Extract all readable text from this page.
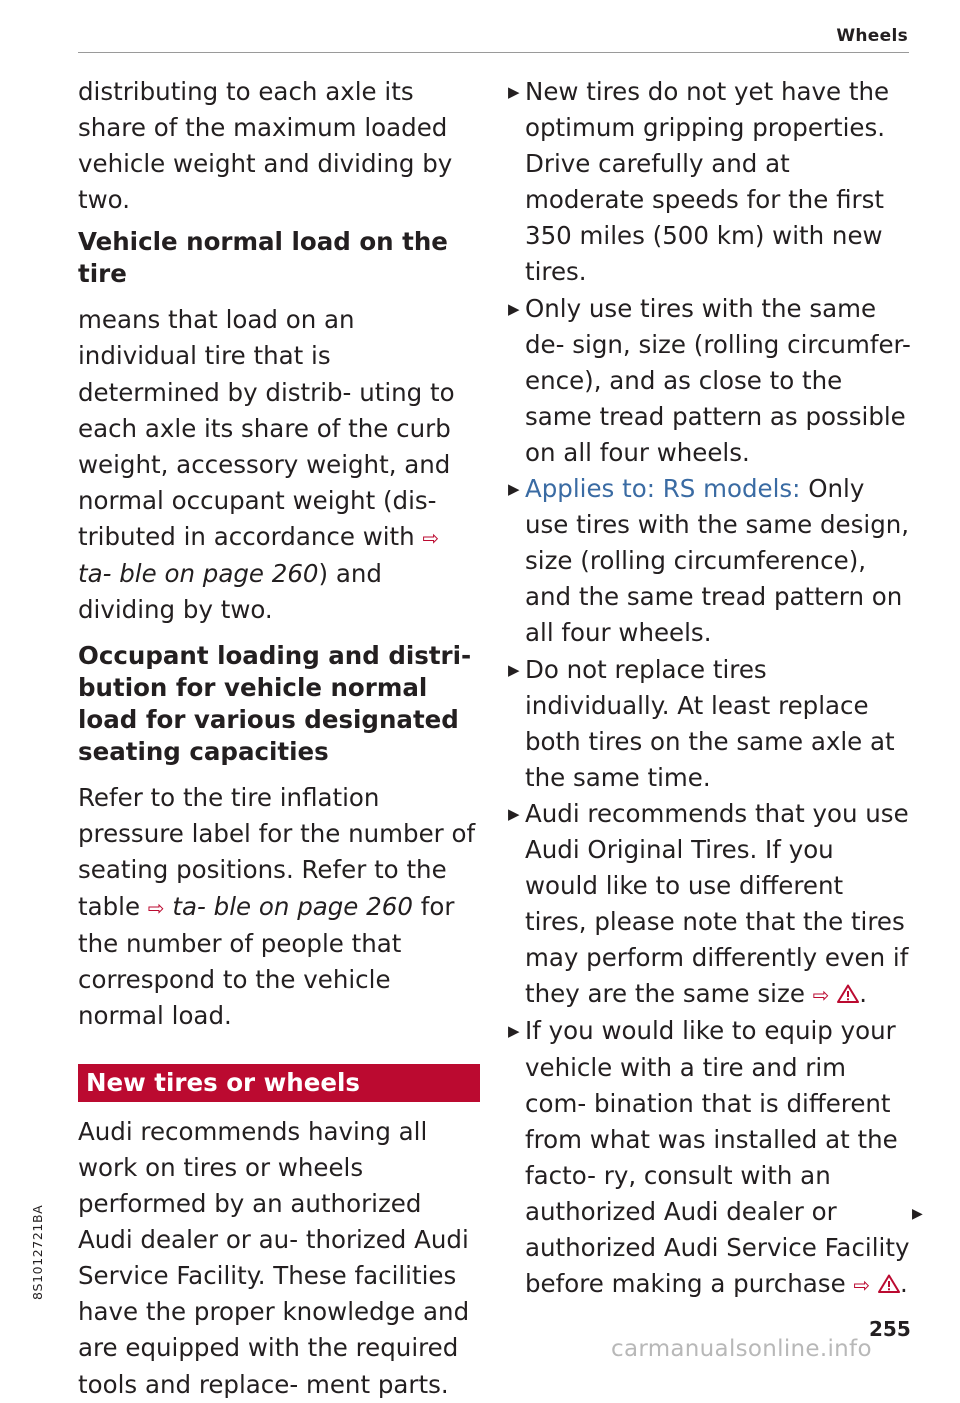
Wheels

distributing to each axle its share of the maximum loaded vehicle weight and dividing by two.

Vehicle normal load on the tire

means that load on an individual tire that is determined by distrib- uting to each axle its share of the curb weight, accessory weight, and normal occupant weight (dis- tributed in accordance with ⇨ ta- ble on page 260) and dividing by two.

Occupant loading and distri- bution for vehicle normal load for various designated seating capacities

Refer to the tire inflation pressure label for the number of seating positions. Refer to the table ⇨ ta- ble on page 260 for the number of people that correspond to the vehicle normal load.

New tires or wheels

Audi recommends having all work on tires or wheels performed by an authorized Audi dealer or au- thorized Audi Service Facility. These facilities have the proper knowledge and are equipped with the required tools and replace- ment parts.

▶ New tires do not yet have the optimum gripping properties. Drive carefully and at moderate speeds for the first 350 miles (500 km) with new tires.
▶ Only use tires with the same de- sign, size (rolling circumfer- ence), and as close to the same tread pattern as possible on all four wheels.
▶ Applies to: RS models: Only use tires with the same design, size (rolling circumference), and the same tread pattern on all four wheels.
▶ Do not replace tires individually. At least replace both tires on the same axle at the same time.
▶ Audi recommends that you use Audi Original Tires. If you would like to use different tires, please note that the tires may perform differently even if they are the same size ⇨ .
▶ If you would like to equip your vehicle with a tire and rim com- bination that is different from what was installed at the facto- ry, consult with an authorized Audi dealer or authorized Audi Service Facility before making a purchase ⇨ .
▶
8S1012721BA
255
carmanualsonline.info
